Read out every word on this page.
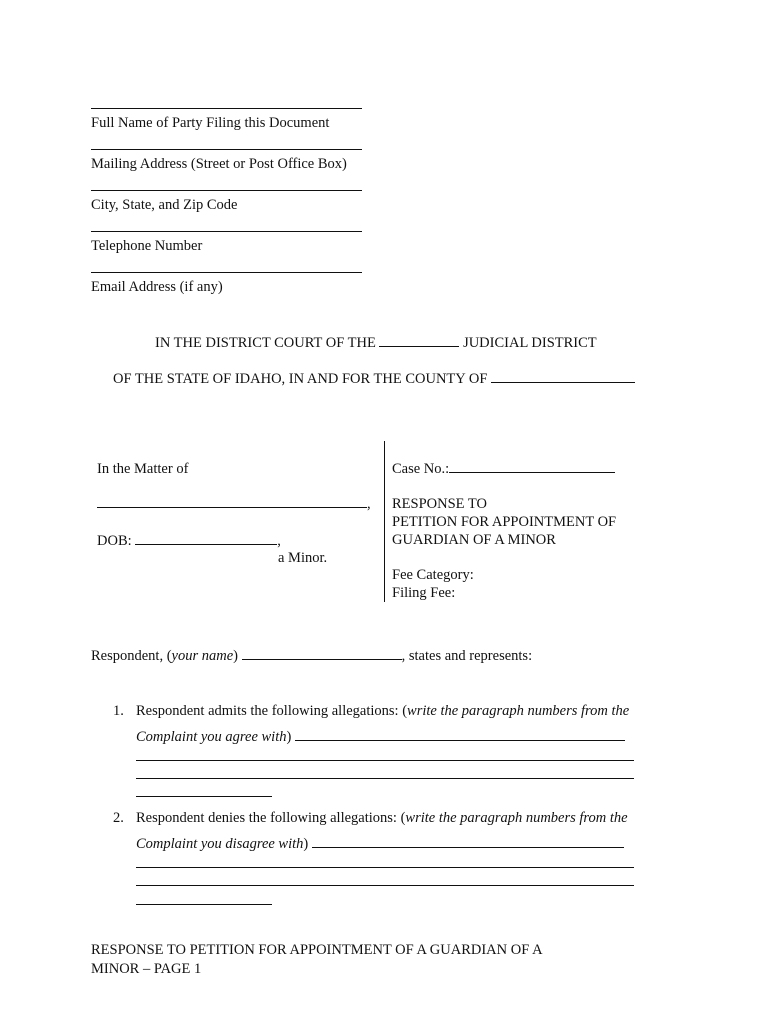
Full Name of Party Filing this Document
Mailing Address (Street or Post Office Box)
City, State, and Zip Code
Telephone Number
Email Address (if any)
IN THE DISTRICT COURT OF THE	JUDICIAL DISTRICT
OF THE STATE OF IDAHO, IN AND FOR THE COUNTY OF
In the Matter of
,
DOB:	,
a Minor.
Case No.:
RESPONSE TO
PETITION FOR APPOINTMENT OF
GUARDIAN OF A MINOR
Fee Category:
Filing Fee:
Respondent, (your name)	, states and represents:
1. Respondent admits the following allegations: (write the paragraph numbers from the
Complaint you agree with)
2. Respondent denies the following allegations: (write the paragraph numbers from the
Complaint you disagree with)
RESPONSE TO PETITION FOR APPOINTMENT OF A GUARDIAN OF A
MINOR – PAGE 1
